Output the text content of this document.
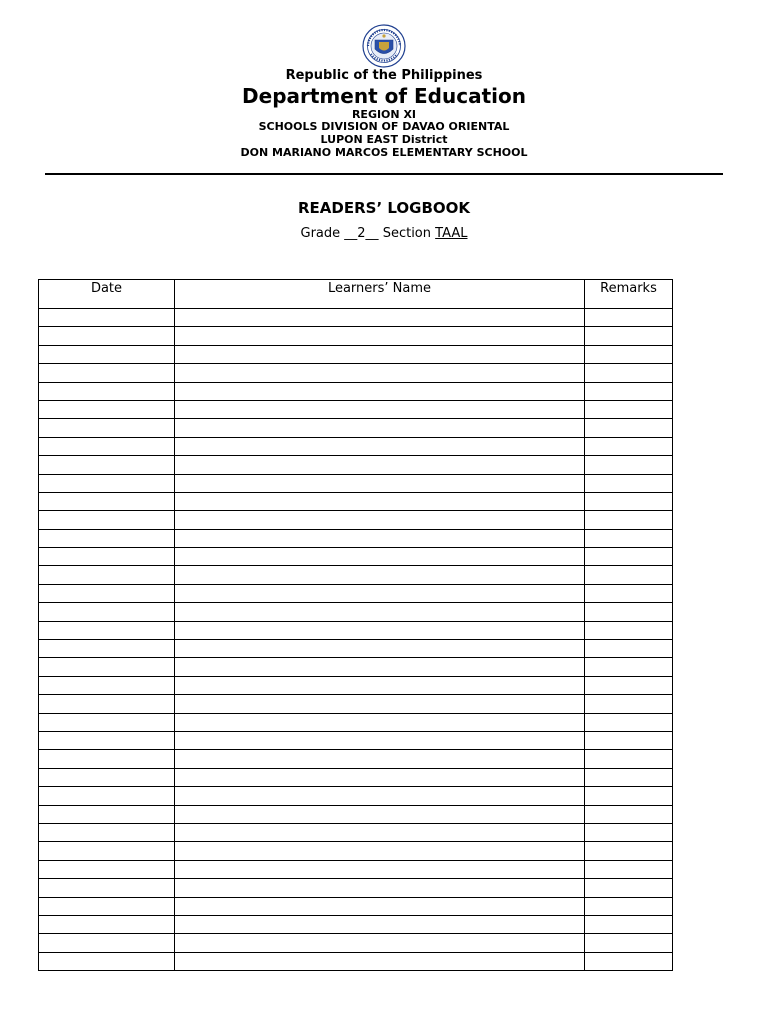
Republic of the Philippines
Department of Education
REGION XI
SCHOOLS DIVISION OF DAVAO ORIENTAL
LUPON EAST District
DON MARIANO MARCOS ELEMENTARY SCHOOL
READERS’ LOGBOOK
Grade __2__ Section TAAL
Date	Learners’ Name	Remarks
